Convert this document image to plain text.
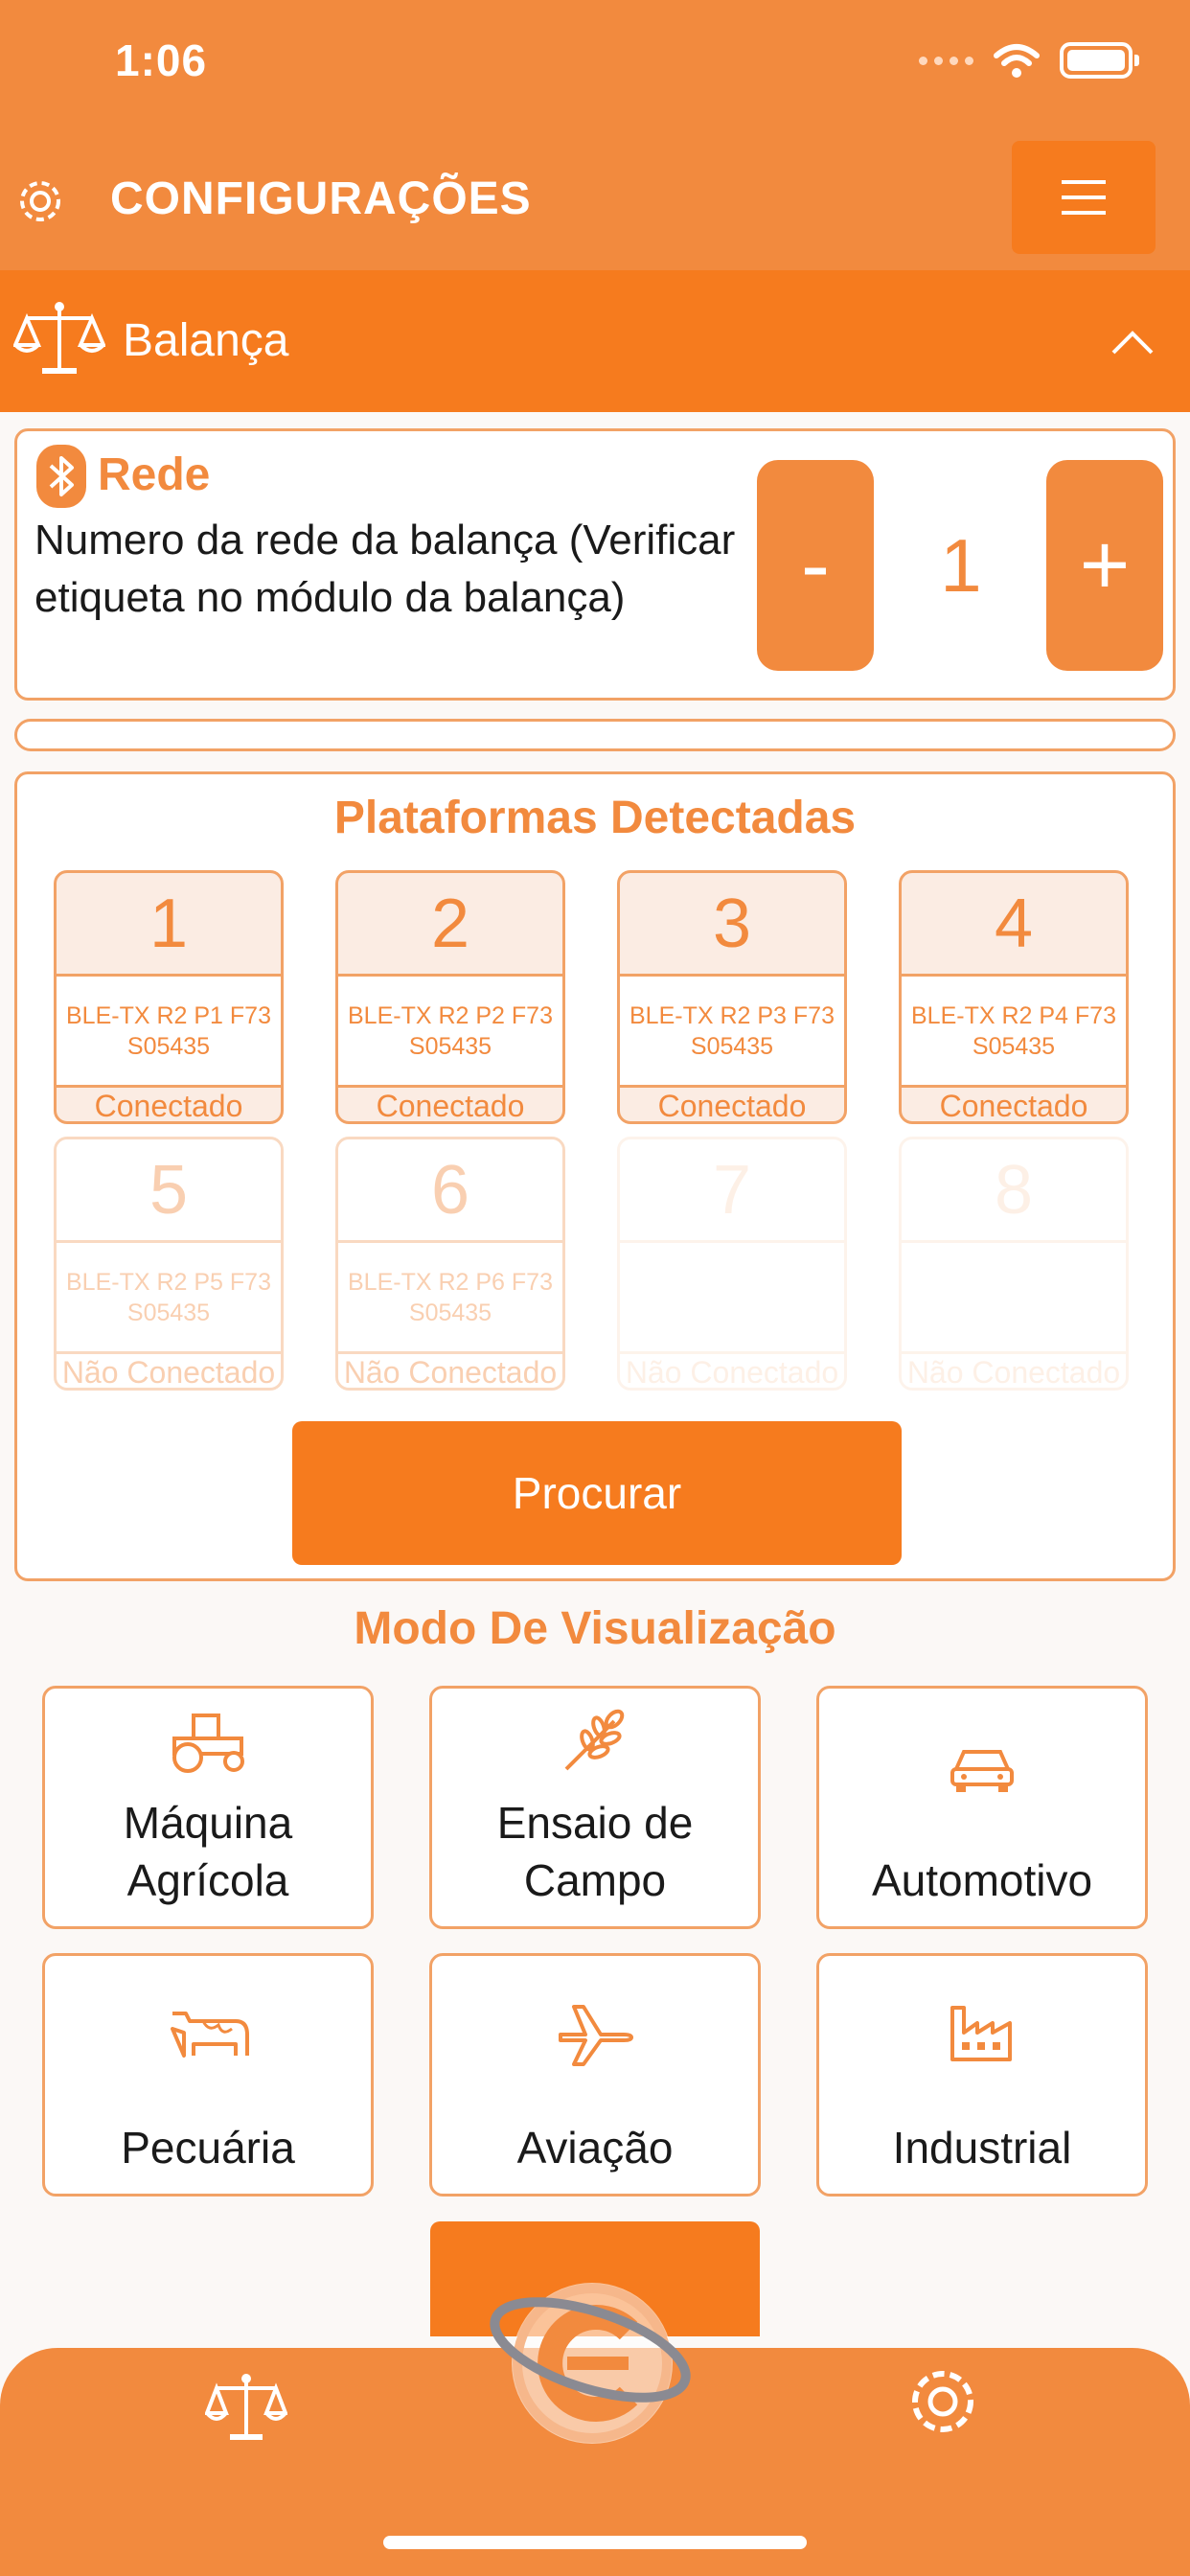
1:06
CONFIGURAÇÕES
Balança
Rede
Numero da rede da balança (Verificar etiqueta no módulo da balança)	-	1	+
Plataformas Detectadas
1
BLE-TX R2 P1 F73 S05435
Conectado
2
BLE-TX R2 P2 F73 S05435
Conectado
3
BLE-TX R2 P3 F73 S05435
Conectado
4
BLE-TX R2 P4 F73 S05435
Conectado
5
BLE-TX R2 P5 F73 S05435
Não Conectado
6
BLE-TX R2 P6 F73 S05435
Não Conectado
7
Não Conectado
8
Não Conectado
Procurar
Modo De Visualização
Máquina Agrícola
Ensaio de Campo	Automotivo
Pecuária	Aviação	Industrial
